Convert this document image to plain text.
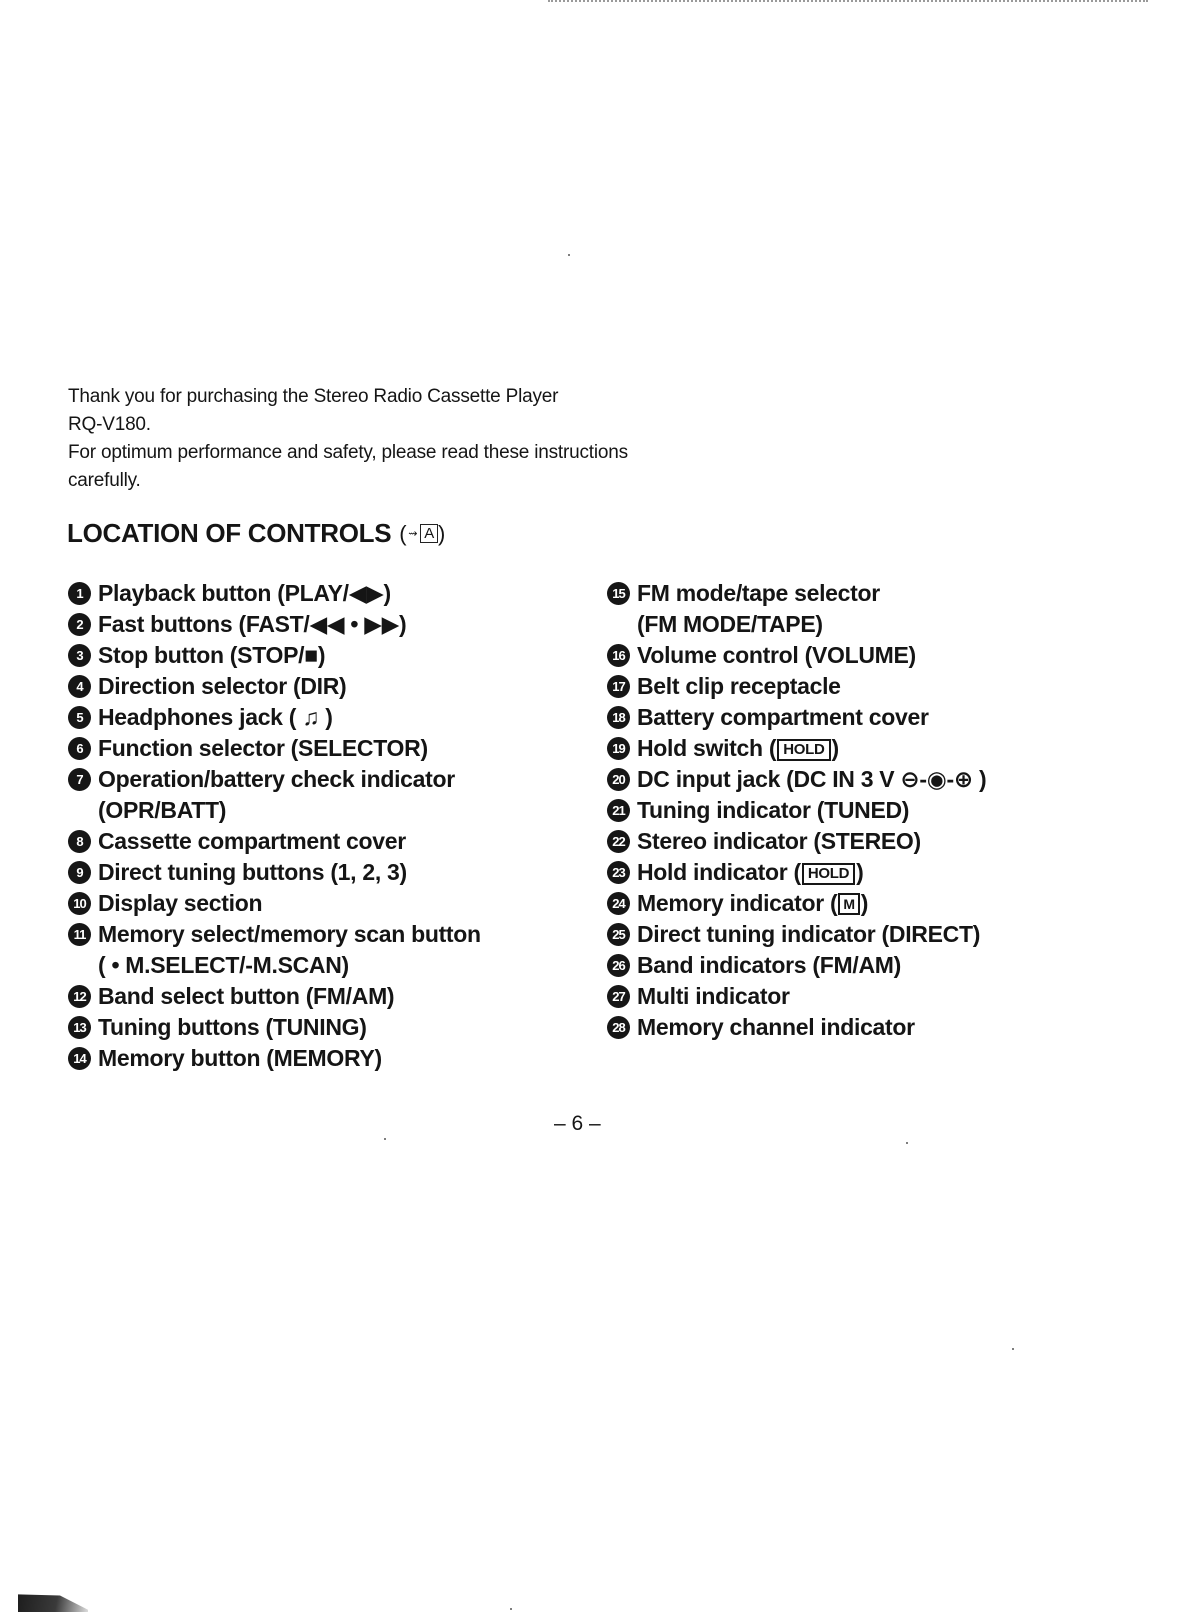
Thank you for purchasing the Stereo Radio Cassette Player

RQ-V180.

For optimum performance and safety, please read these instructions

carefully.

LOCATION OF CONTROLS ( ⇝ A )
1 Playback button (PLAY/◀▶)
2 Fast buttons (FAST/◀◀ • ▶▶)
3 Stop button (STOP/■)
4 Direction selector (DIR)
5 Headphones jack ( ♫ )
6 Function selector (SELECTOR)
7 Operation/battery check indicator
(OPR/BATT)
8 Cassette compartment cover
9 Direct tuning buttons (1, 2, 3)
10 Display section
11 Memory select/memory scan button
( • M.SELECT/-M.SCAN)
12 Band select button (FM/AM)
13 Tuning buttons (TUNING)
14 Memory button (MEMORY)
15 FM mode/tape selector
(FM MODE/TAPE)
16 Volume control (VOLUME)
17 Belt clip receptacle
18 Battery compartment cover
19 Hold switch ( HOLD )
20 DC input jack (DC IN 3 V ⊖-◉-⊕ )
21 Tuning indicator (TUNED)
22 Stereo indicator (STEREO)
23 Hold indicator ( HOLD )
24 Memory indicator ( M )
25 Direct tuning indicator (DIRECT)
26 Band indicators (FM/AM)
27 Multi indicator
28 Memory channel indicator
– 6 –
